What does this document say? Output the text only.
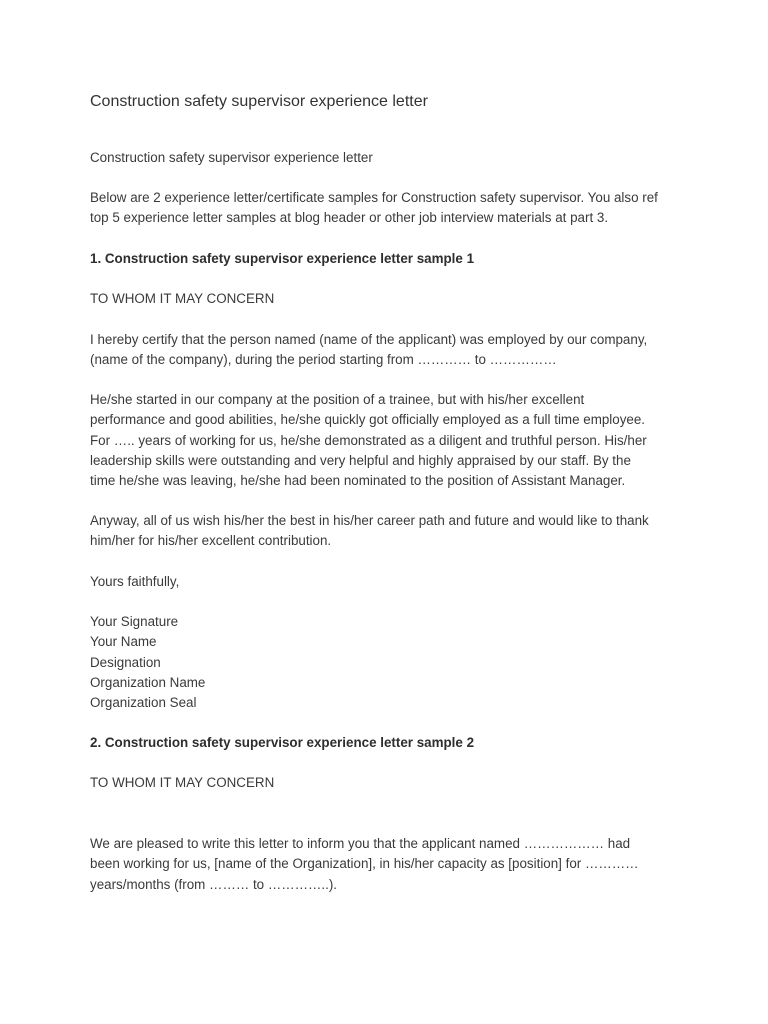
Construction safety supervisor experience letter
Construction safety supervisor experience letter
Below are 2 experience letter/certificate samples for Construction safety supervisor. You also ref
top 5 experience letter samples at blog header or other job interview materials at part 3.
1. Construction safety supervisor experience letter sample 1
TO WHOM IT MAY CONCERN
I hereby certify that the person named (name of the applicant) was employed by our company,
(name of the company), during the period starting from ………… to ……………
He/she started in our company at the position of a trainee, but with his/her excellent
performance and good abilities, he/she quickly got officially employed as a full time employee.
For ….. years of working for us, he/she demonstrated as a diligent and truthful person. His/her
leadership skills were outstanding and very helpful and highly appraised by our staff. By the
time he/she was leaving, he/she had been nominated to the position of Assistant Manager.
Anyway, all of us wish his/her the best in his/her career path and future and would like to thank
him/her for his/her excellent contribution.
Yours faithfully,
Your Signature
Your Name
Designation
Organization Name
Organization Seal
2. Construction safety supervisor experience letter sample 2
TO WHOM IT MAY CONCERN
We are pleased to write this letter to inform you that the applicant named ……………… had
been working for us, [name of the Organization], in his/her capacity as [position] for …………
years/months (from ……… to …………..).
